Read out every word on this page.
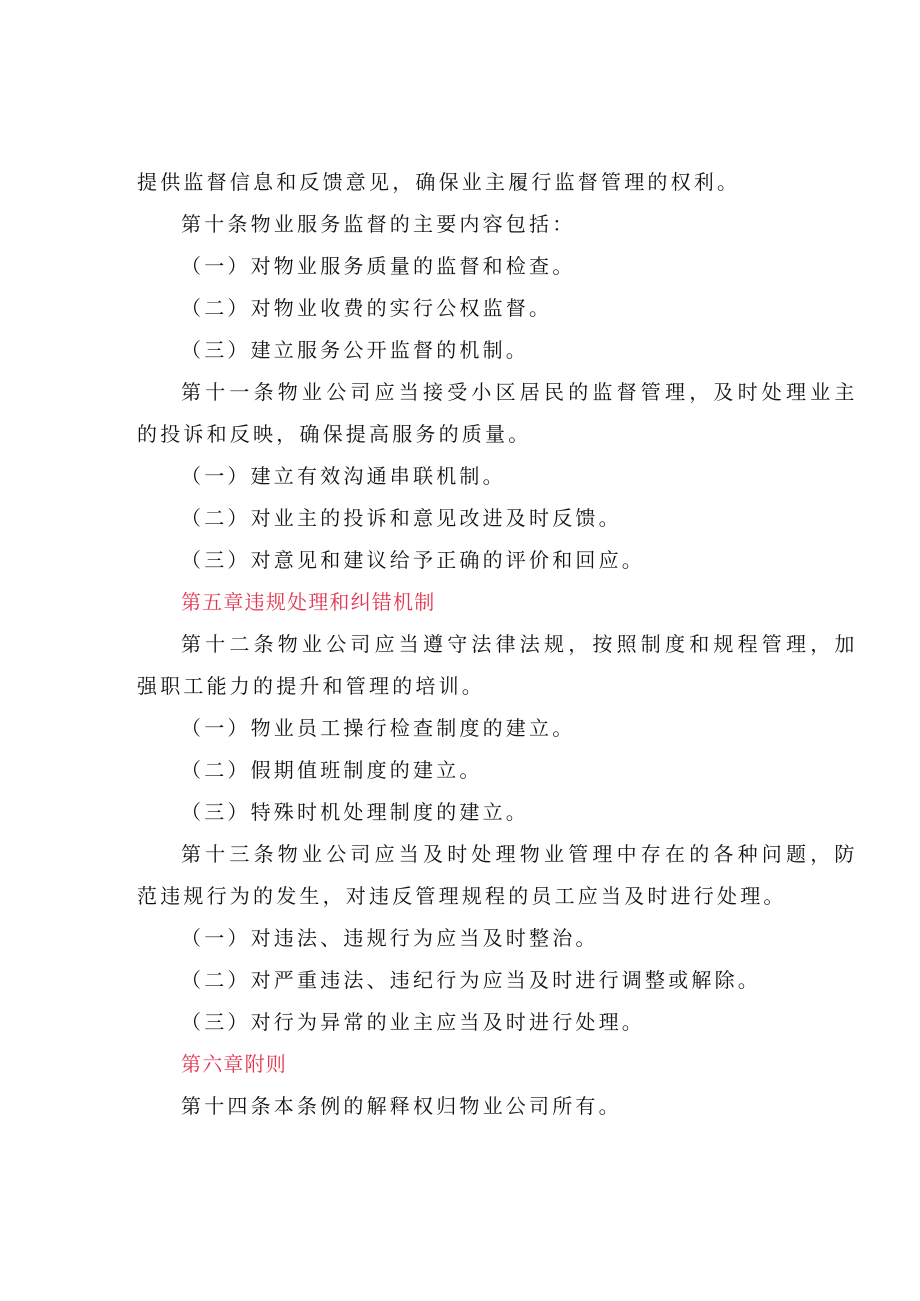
提供监督信息和反馈意见，确保业主履行监督管理的权利。
第十条物业服务监督的主要内容包括：
（一）对物业服务质量的监督和检查。
（二）对物业收费的实行公权监督。
（三）建立服务公开监督的机制。
第十一条物业公司应当接受小区居民的监督管理，及时处理业主
的投诉和反映，确保提高服务的质量。
（一）建立有效沟通串联机制。
（二）对业主的投诉和意见改进及时反馈。
（三）对意见和建议给予正确的评价和回应。
第五章违规处理和纠错机制
第十二条物业公司应当遵守法律法规，按照制度和规程管理，加
强职工能力的提升和管理的培训。
（一）物业员工操行检查制度的建立。
（二）假期值班制度的建立。
（三）特殊时机处理制度的建立。
第十三条物业公司应当及时处理物业管理中存在的各种问题，防
范违规行为的发生，对违反管理规程的员工应当及时进行处理。
（一）对违法、违规行为应当及时整治。
（二）对严重违法、违纪行为应当及时进行调整或解除。
（三）对行为异常的业主应当及时进行处理。
第六章附则
第十四条本条例的解释权归物业公司所有。
